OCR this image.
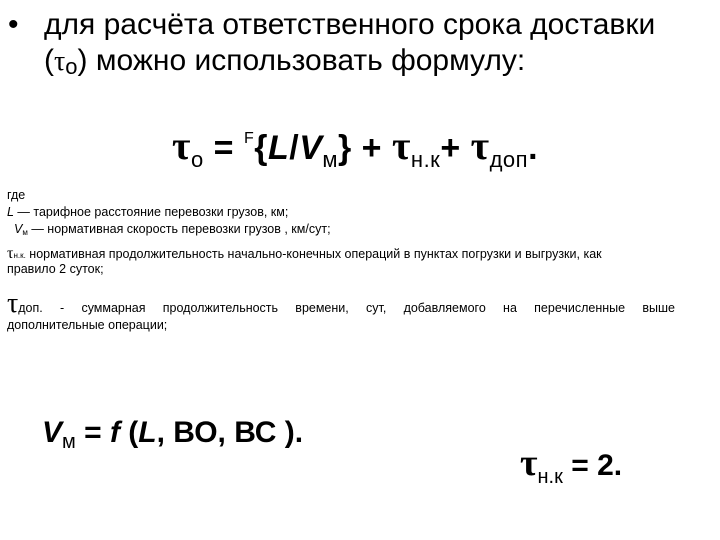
• для расчёта ответственного срока доставки
(τо) можно использовать формулу:
$\tau_о = ^F\{L/V_м\} + \tau_{н.к}+ \tau_{доп}$.
где
L — тарифное расстояние перевозки грузов, км;
$V_м$ — нормативная скорость перевозки грузов , км/сут;
τн.к. нормативная продолжительность начально-конечных операций в пунктах погрузки и выгрузки, как
правило 2 суток;
τдоп. - суммарная продолжительность времени, сут, добавляемого на перечисленные выше
дополнительные операции;
$V_м = f$ (L, ВО, ВС ).
$\tau_{н.к} = 2$.
